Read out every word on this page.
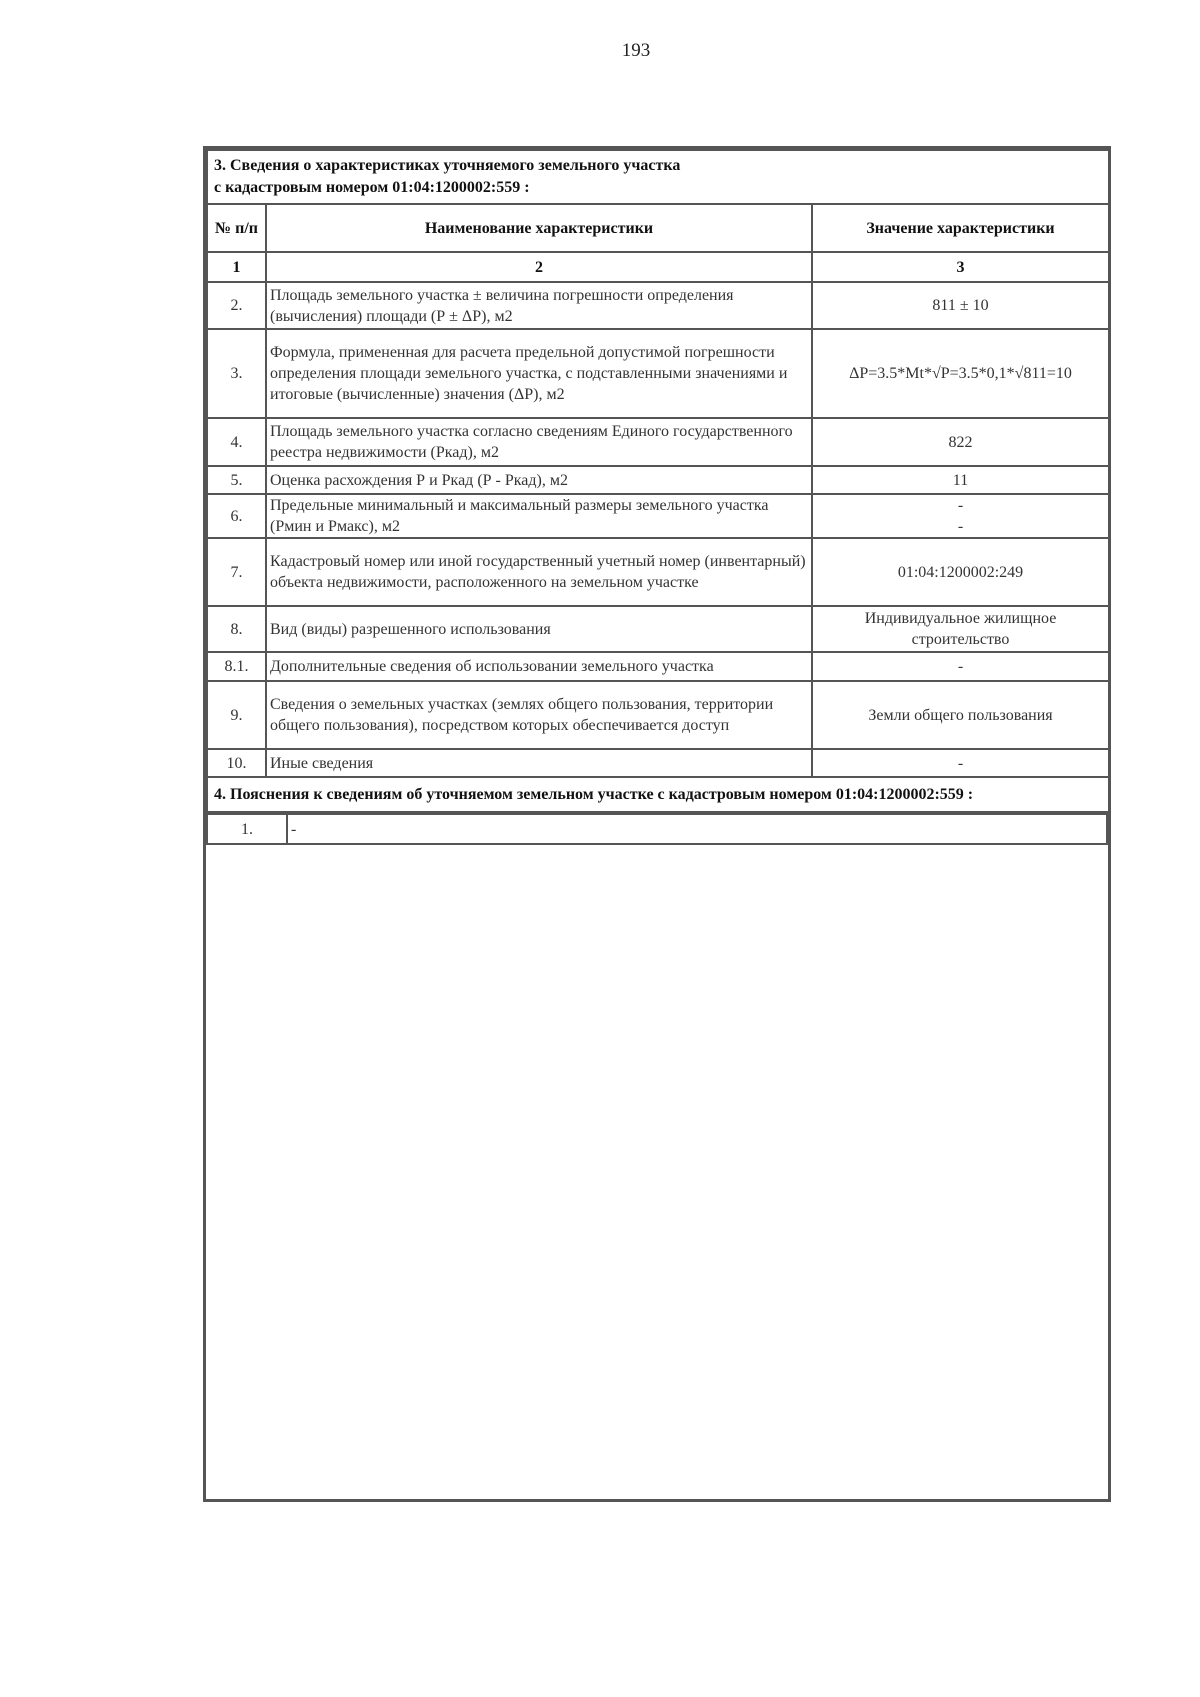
193
3. Сведения о характеристиках уточняемого земельного участка
с кадастровым номером 01:04:1200002:559 :		

№ п/п	Наименование характеристики	Значение характеристики
1	2	3
2.	Площадь земельного участка ± величина погрешности определения (вычисления) площади (Р ± ΔР), м2	811 ± 10
3.	Формула, примененная для расчета предельной допустимой погрешности определения площади земельного участка, с подставленными значениями и итоговые (вычисленные) значения (ΔР), м2	ΔP=3.5*Mt*√P=3.5*0,1*√811=10
4.	Площадь земельного участка согласно сведениям Единого государственного реестра недвижимости (Ркад), м2	822
5.	Оценка расхождения Р и Ркад (Р - Ркад), м2	11
6.	Предельные минимальный и максимальный размеры земельного участка (Рмин и Рмакс), м2	-
-

7.	Кадастровый номер или иной государственный учетный номер (инвентарный) объекта недвижимости, расположенного на земельном участке	01:04:1200002:249
8.	Вид (виды) разрешенного использования	Индивидуальное жилищное строительство
8.1.	Дополнительные сведения об использовании земельного участка	-
9.	Сведения о земельных участках (землях общего пользования, территории общего пользования), посредством которых обеспечивается доступ	Земли общего пользования
10.	Иные сведения	-
4. Пояснения к сведениям об уточняемом земельном участке с кадастровым номером 01:04:1200002:559 :		
1.	-
